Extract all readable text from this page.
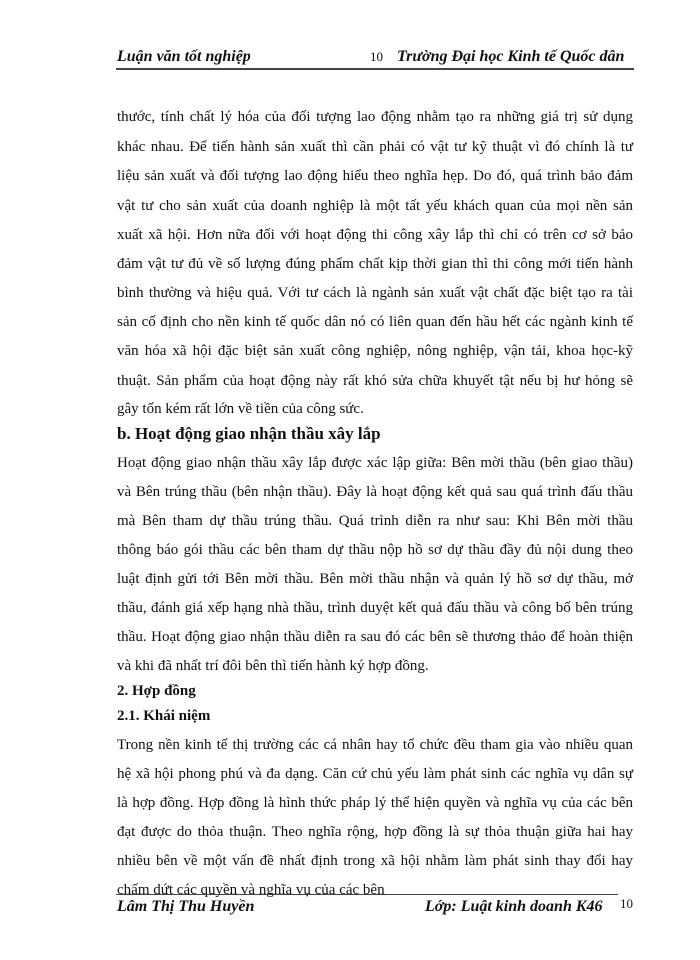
Luận văn tốt nghiệp	10 Trường Đại học Kinh tế Quốc dân
thước, tính chất lý hóa của đối tượng lao động nhằm tạo ra những giá trị sử dụng
khác nhau. Để tiến hành sản xuất thì cần phải có vật tư kỹ thuật vì đó chính là tư
liệu sản xuất và đối tượng lao động hiểu theo nghĩa hẹp. Do đó, quá trình bảo đảm
vật tư cho sản xuất của doanh nghiệp là một tất yếu khách quan của mọi nền sản
xuất xã hội. Hơn nữa đối với hoạt động thi công xây lắp thì chỉ có trên cơ sở bảo
đảm vật tư đủ về số lượng đúng phẩm chất kịp thời gian thì thi công mới tiến hành
bình thường và hiệu quả. Với tư cách là ngành sản xuất vật chất đặc biệt tạo ra tài
sản cố định cho nền kinh tế quốc dân nó có liên quan đến hầu hết các ngành kinh tế
văn hóa xã hội đặc biệt sản xuất công nghiệp, nông nghiệp, vận tải, khoa học-kỹ
thuật. Sản phẩm của hoạt động này rất khó sửa chữa khuyết tật nếu bị hư hỏng sẽ
gây tốn kém rất lớn về tiền của công sức.
b. Hoạt động giao nhận thầu xây lắp
Hoạt động giao nhận thầu xây lắp được xác lập giữa: Bên mời thầu (bên giao thầu)
và Bên trúng thầu (bên nhận thầu). Đây là hoạt động kết quả sau quá trình đấu thầu
mà Bên tham dự thầu trúng thầu. Quá trình diễn ra như sau: Khi Bên mời thầu
thông báo gói thầu các bên tham dự thầu nộp hồ sơ dự thầu đầy đủ nội dung theo
luật định gửi tới Bên mời thầu. Bên mời thầu nhận và quản lý hồ sơ dự thầu, mở
thầu, đánh giá xếp hạng nhà thầu, trình duyệt kết quả đấu thầu và công bố bên trúng
thầu. Hoạt động giao nhận thầu diễn ra sau đó các bên sẽ thương thảo để hoàn thiện
và khi đã nhất trí đôi bên thì tiến hành ký hợp đồng.
2. Hợp đồng
2.1. Khái niệm
Trong nền kinh tế thị trường các cá nhân hay tổ chức đều tham gia vào nhiều quan
hệ xã hội phong phú và đa dạng. Căn cứ chủ yếu làm phát sinh các nghĩa vụ dân sự
là hợp đồng. Hợp đồng là hình thức pháp lý thể hiện quyền và nghĩa vụ của các bên
đạt được do thỏa thuận. Theo nghĩa rộng, hợp đồng là sự thỏa thuận giữa hai hay
nhiều bên về một vấn đề nhất định trong xã hội nhằm làm phát sinh thay đổi hay
chấm dứt các quyền và nghĩa vụ của các bên
Lâm Thị Thu Huyền	Lớp: Luật kinh doanh K46 10
